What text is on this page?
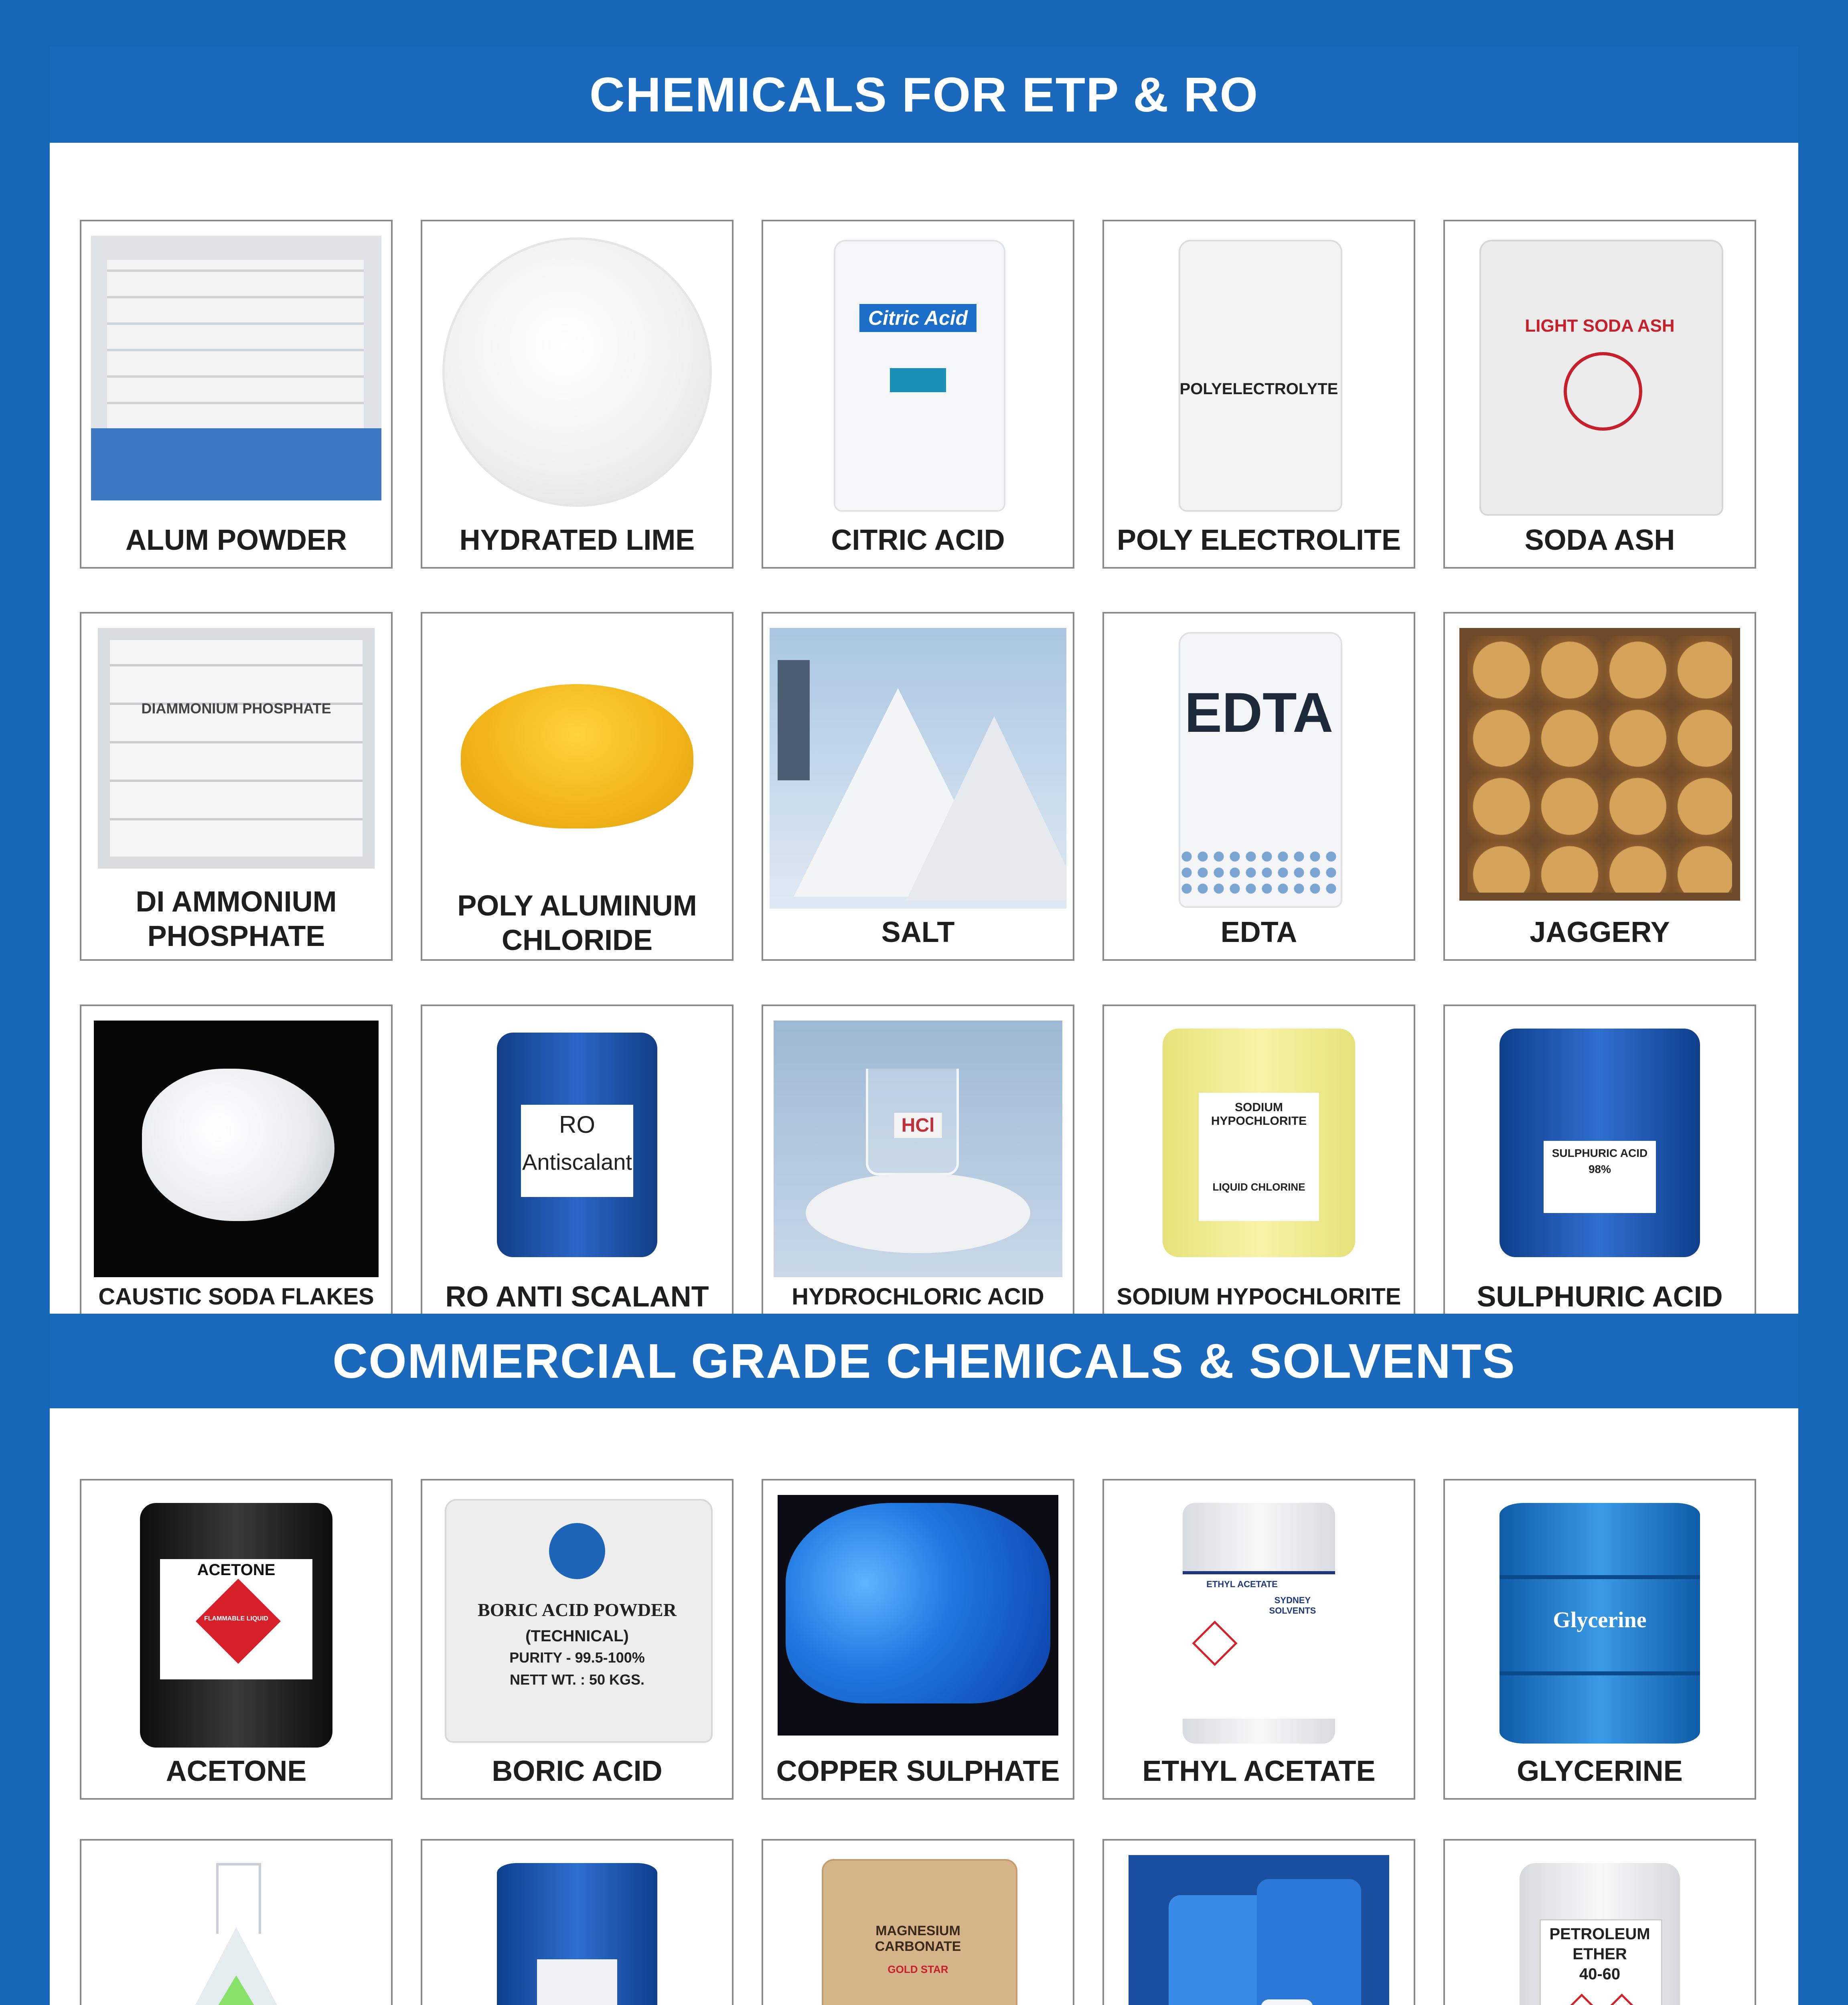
CHEMICALS FOR ETP & RO
ALUM POWDER	HYDRATED LIME
Citric Acid
CITRIC ACID
POLYELECTROLYTE
POLY ELECTROLITE
LIGHT SODA ASH
SODA ASH
DIAMMONIUM PHOSPHATE
DI AMMONIUM
PHOSPHATE
POLY ALUMINUM
CHLORIDE	SALT
EDTA
EDTA	JAGGERY
CAUSTIC SODA FLAKES
RO
Antiscalant
RO ANTI SCALANT
HCl
HYDROCHLORIC ACID
SODIUM HYPOCHLORITE
LIQUID CHLORINE
SODIUM HYPOCHLORITE
SULPHURIC ACID
98%
SULPHURIC ACID
COMMERCIAL GRADE CHEMICALS & SOLVENTS
ACETONE
FLAMMABLE LIQUID
ACETONE
BORIC ACID POWDER
(TECHNICAL)
PURITY - 99.5-100%
NETT WT. : 50 KGS.
BORIC ACID	COPPER SULPHATE
ETHYL ACETATE
SYDNEY SOLVENTS
ETHYL ACETATE
Glycerine
GLYCERINE
MAGNESIUM CARBONATE
GOLD STAR
PETROLEUM
ETHER
40-60
